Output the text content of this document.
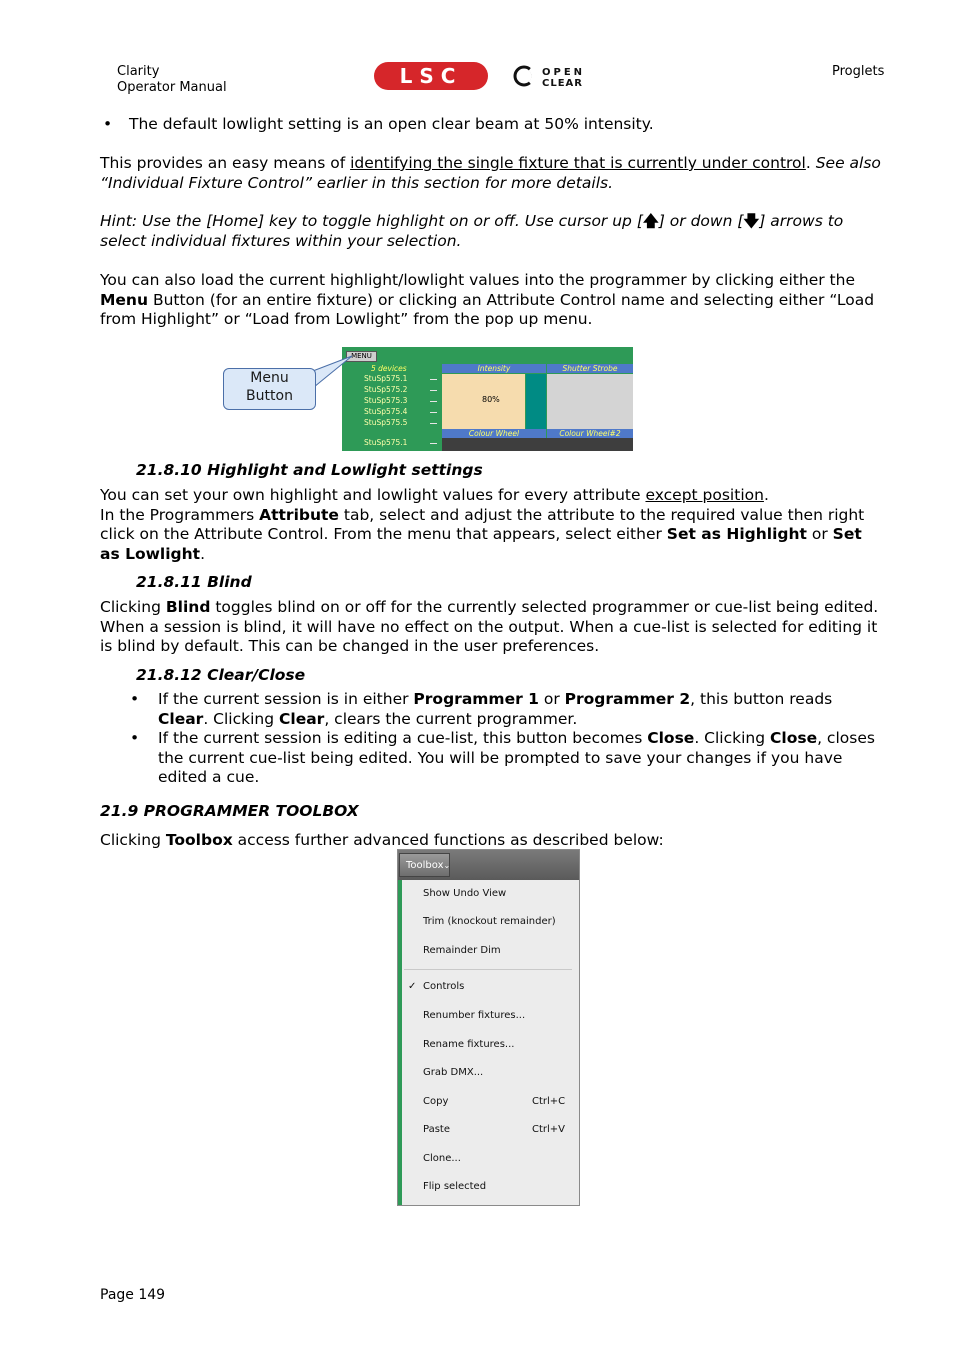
Clarity
Operator Manual	LSC	OPEN
CLEAR
Proglets
• The default lowlight setting is an open clear beam at 50% intensity.
This provides an easy means of identifying the single fixture that is currently under control. See also “Individual Fixture Control” earlier in this section for more details.
Hint: Use the [Home] key to toggle highlight on or off. Use cursor up [🡅] or down [🡇] arrows to select individual fixtures within your selection.
You can also load the current highlight/lowlight values into the programmer by clicking either the Menu Button (for an entire fixture) or clicking an Attribute Control name and selecting either “Load from Highlight” or “Load from Lowlight” from the pop up menu.
MENU
5 devices
StuSp575.1
StuSp575.2
StuSp575.3
StuSp575.4
StuSp575.5
StuSp575.1
Intensity	Shutter Strobe
80%
Colour Wheel	Colour Wheel#2
Menu
Button
21.8.10 Highlight and Lowlight settings
You can set your own highlight and lowlight values for every attribute except position.
In the Programmers Attribute tab, select and adjust the attribute to the required value then right click on the Attribute Control. From the menu that appears, select either Set as Highlight or Set as Lowlight.
21.8.11 Blind
Clicking Blind toggles blind on or off for the currently selected programmer or cue-list being edited. When a session is blind, it will have no effect on the output. When a cue-list is selected for editing it is blind by default. This can be changed in the user preferences.
21.8.12 Clear/Close
• If the current session is in either Programmer 1 or Programmer 2, this button reads Clear. Clicking Clear, clears the current programmer.
• If the current session is editing a cue-list, this button becomes Close. Clicking Close, closes the current cue-list being edited. You will be prompted to save your changes if you have edited a cue.
21.9 PROGRAMMER TOOLBOX
Clicking Toolbox access further advanced functions as described below:
Toolbox⌄
Show Undo View
Trim (knockout remainder)
Remainder Dim
✓ Controls
Renumber fixtures...
Rename fixtures...
Grab DMX...
Copy	Ctrl+C
Paste	Ctrl+V
Clone...
Flip selected
Page 149
